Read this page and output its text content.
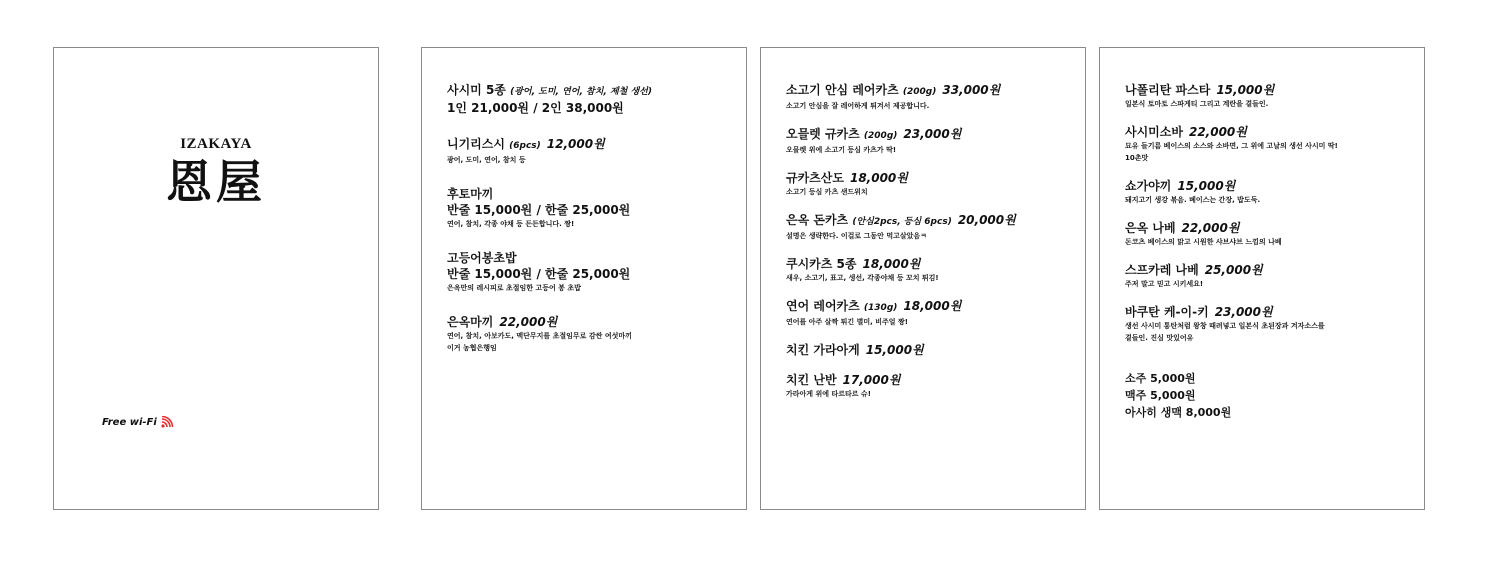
IZAKAYA
恩屋
Free wi-Fi
사시미 5종 (광어, 도미, 연어, 참치, 제철 생선)
1인 21,000원 / 2인 38,000원
니기리스시 (6pcs) 12,000원
광어, 도미, 연어, 참치 등
후토마끼
반줄 15,000원 / 한줄 25,000원
연어, 참치, 각종 야채 등 든든합니다. 짱!
고등어봉초밥
반줄 15,000원 / 한줄 25,000원
은옥만의 레시피로 초절임한 고등어 봉 초밥
은옥마끼 22,000원
연어, 참치, 아보카도, 맥단무지를 초절임무로 감싼 여섯마끼
이거 농협은행임
소고기 안심 레어카츠 (200g) 33,000원
소고기 안심을 잘 레어하게 튀겨서 제공합니다.
오믈렛 규카츠 (200g) 23,000원
오믈렛 위에 소고기 등심 카츠가 딱!
규카츠산도 18,000원
소고기 등심 카츠 샌드위치
은옥 돈카츠 (안심2pcs, 등심 6pcs) 20,000원
설명은 생략한다. 이걸로 그동안 먹고살았음ㅋ
쿠시카츠 5종 18,000원
새우, 소고기, 표고, 생선, 각종야채 등 꼬치 튀김!
연어 레어카츠 (130g) 18,000원
연어를 아주 살짝 튀긴 별미, 비주얼 짱!
치킨 가라아게 15,000원
치킨 난반 17,000원
가라아게 위에 타르타르 슈!
나폴리탄 파스타 15,000원
일본식 토마토 스파게티 그리고 계란을 곁들인.
사시미소바 22,000원
묘유 들기름 베이스의 소스와 소바면, 그 위에 고날의 생선 사시미 딱!
10촌맛
쇼가야끼 15,000원
돼지고기 생강 볶음. 베이스는 간장, 밥도둑.
은옥 나베 22,000원
돈코츠 베이스의 맑고 시원한 샤브샤브 느낌의 나베
스프카레 나베 25,000원
주저 말고 믿고 시키세요!
바쿠탄 케-이-키 23,000원
생선 사시미 통탄처럼 왕창 때려넣고 일본식 초된장과 겨자소스를
곁들인. 진심 맛있어유
소주 5,000원
맥주 5,000원
아사히 생맥 8,000원
